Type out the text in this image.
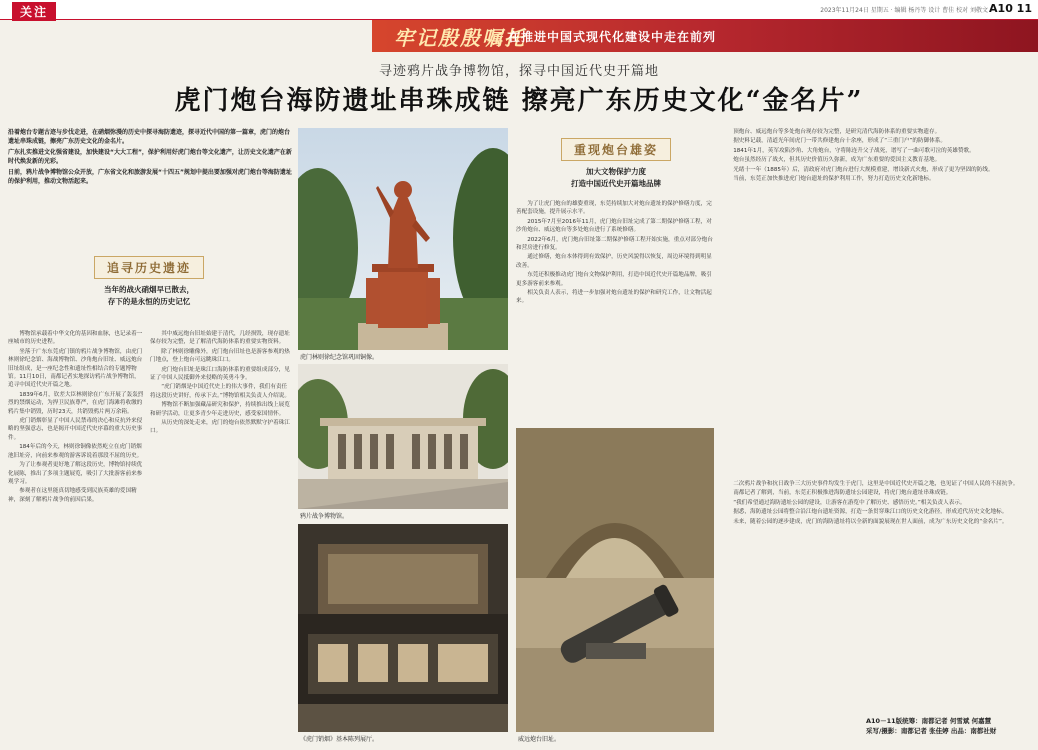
关注	2023年11月24日 星期五 · 编辑 杨丹等 设计 曹佳 校对 刘敬文 A10 11
牢记殷殷嘱托
在推进中国式现代化建设中走在前列
寻迹鸦片战争博物馆，探寻中国近代史开篇地
虎门炮台海防遗址串珠成链 擦亮广东历史文化“金名片”

沿着炮台专题古迹与步伐走进，在硝烟弥漫的历史中探寻海防遗迹，探寻近代中国的第一篇章，虎门的炮台遗址串珠成链，擦亮广东历史文化的金名片。

广东扎实推进文化强省建设，加快建设“大大工程”，保护利用好虎门炮台等文化遗产，让历史文化遗产在新时代焕发新的光彩。

日前，鸦片战争博物馆公众开放，广东省文化和旅游发展“十四五”规划中提出要加强对虎门炮台等海防遗址的保护利用，推动文物活起来。

追寻历史遗迹
当年的战火硝烟早已散去，
存下的是永恒的历史记忆

博物馆承载着中华文化的基因和血脉，也记录着一座城市的历史进程。

坐落于广东东莞虎门镇的鸦片战争博物馆，由虎门林则徐纪念馆、海战博物馆、沙角炮台旧址、威远炮台旧址组成，是一座纪念性和遗址性相结合的专题博物馆。11月10日，南都记者实地探访鸦片战争博物馆，追寻中国近代史开篇之地。

1839年6月，钦差大臣林则徐在广东开展了轰轰烈烈的禁烟运动，为捍卫民族尊严，在虎门海滩将收缴的鸦片集中销毁，历时23天，共销毁鸦片两万余箱。

虎门销烟彰显了中国人民禁毒的决心和反抗外来侵略的坚强意志，也是揭开中国近代史序幕的重大历史事件。

184年后的今天，林则徐铜像依然屹立在虎门销烟池旧址旁，向前来参观的游客诉说着那段不屈的历史。

为了让参观者更好地了解这段历史，博物馆持续优化展陈，推出了多项主题展览，吸引了大批游客前来参观学习。

参观者在这里能真切地感受到民族英雄的爱国精神，深刻了解鸦片战争的前因后果。

其中威远炮台旧址始建于清代，几经损毁，现存遗址保存较为完整，是了解清代海防体系的重要实物资料。

除了林则徐雕像外，虎门炮台旧址也是游客参观的热门地点，登上炮台可远眺珠江口。

虎门炮台旧址是珠江口海防体系的重要组成部分，见证了中国人民抵御外来侵略的英勇斗争。

“虎门销烟是中国近代史上的伟大事件，我们有责任将这段历史讲好，传承下去。”博物馆相关负责人介绍说。

博物馆不断加强藏品研究和保护，持续推出线上展览和研学活动，让更多青少年走进历史，感受家国情怀。

从历史的深处走来，虎门的炮台依然默默守护着珠江口。

虎门林则徐纪念馆巩固铜像。
鸦片战争博物馆。
《虎门销烟》基本陈列展厅。
重现炮台雄姿
加大文物保护力度
打造中国近代史开篇地品牌

为了让虎门炮台的雄姿重现，东莞持续加大对炮台遗址的保护修缮力度，完善配套设施，提升展示水平。

2015年7月至2016年11月，虎门炮台旧址完成了第二期保护修缮工程，对沙角炮台、威远炮台等多处炮台进行了系统修缮。

2022年6月，虎门炮台旧址第二期保护修缮工程开始实施，重点对部分炮台和营房进行修复。

通过修缮，炮台本体得到有效保护，历史风貌得以恢复，周边环境得到明显改善。

东莞还积极推动虎门炮台文物保护利用，打造中国近代史开篇地品牌，吸引更多游客前来参观。

相关负责人表示，将进一步加强对炮台遗址的保护和研究工作，让文物活起来。

威远炮台旧址。

顶炮台、威远炮台等多处炮台现存较为完整，是研究清代海防体系的重要实物遗存。

据史料记载，清道光年间虎门一带共修建炮台十余座，形成了“三重门户”的防御体系。

1841年1月，英军攻陷沙角、大角炮台，守将陈连升父子战死，谱写了一曲可歌可泣的英雄赞歌。

炮台虽然经历了战火，但其历史价值历久弥新，成为广东重要的爱国主义教育基地。

光绪十一年（1885年）后，清政府对虎门炮台进行大规模重建，增设新式火炮，形成了更为坚固的防线。

当前，东莞正加快推进虎门炮台遗址的保护利用工作，努力打造历史文化新地标。

二次鸦片战争和抗日战争三大历史事件均发生于虎门，这里是中国近代史开篇之地，也见证了中国人民的不屈抗争。

南都记者了解到，当前，东莞正积极推进海防遗址公园建设，将虎门炮台遗址串珠成链。

“我们希望通过海防遗址公园的建设，让游客在游览中了解历史、感悟历史。”相关负责人表示。

据悉，海防遗址公园将整合沿江炮台遗址资源，打造一条贯穿珠江口的历史文化游径，形成近代历史文化地标。

未来，随着公园的逐步建成，虎门的海防遗址将以全新的面貌展现在世人面前，成为广东历史文化的“金名片”。

A10－11版统筹：南都记者 何雪斌 何嘉慧
采写/摄影：南都记者 张佳婷 出品：南都社财
